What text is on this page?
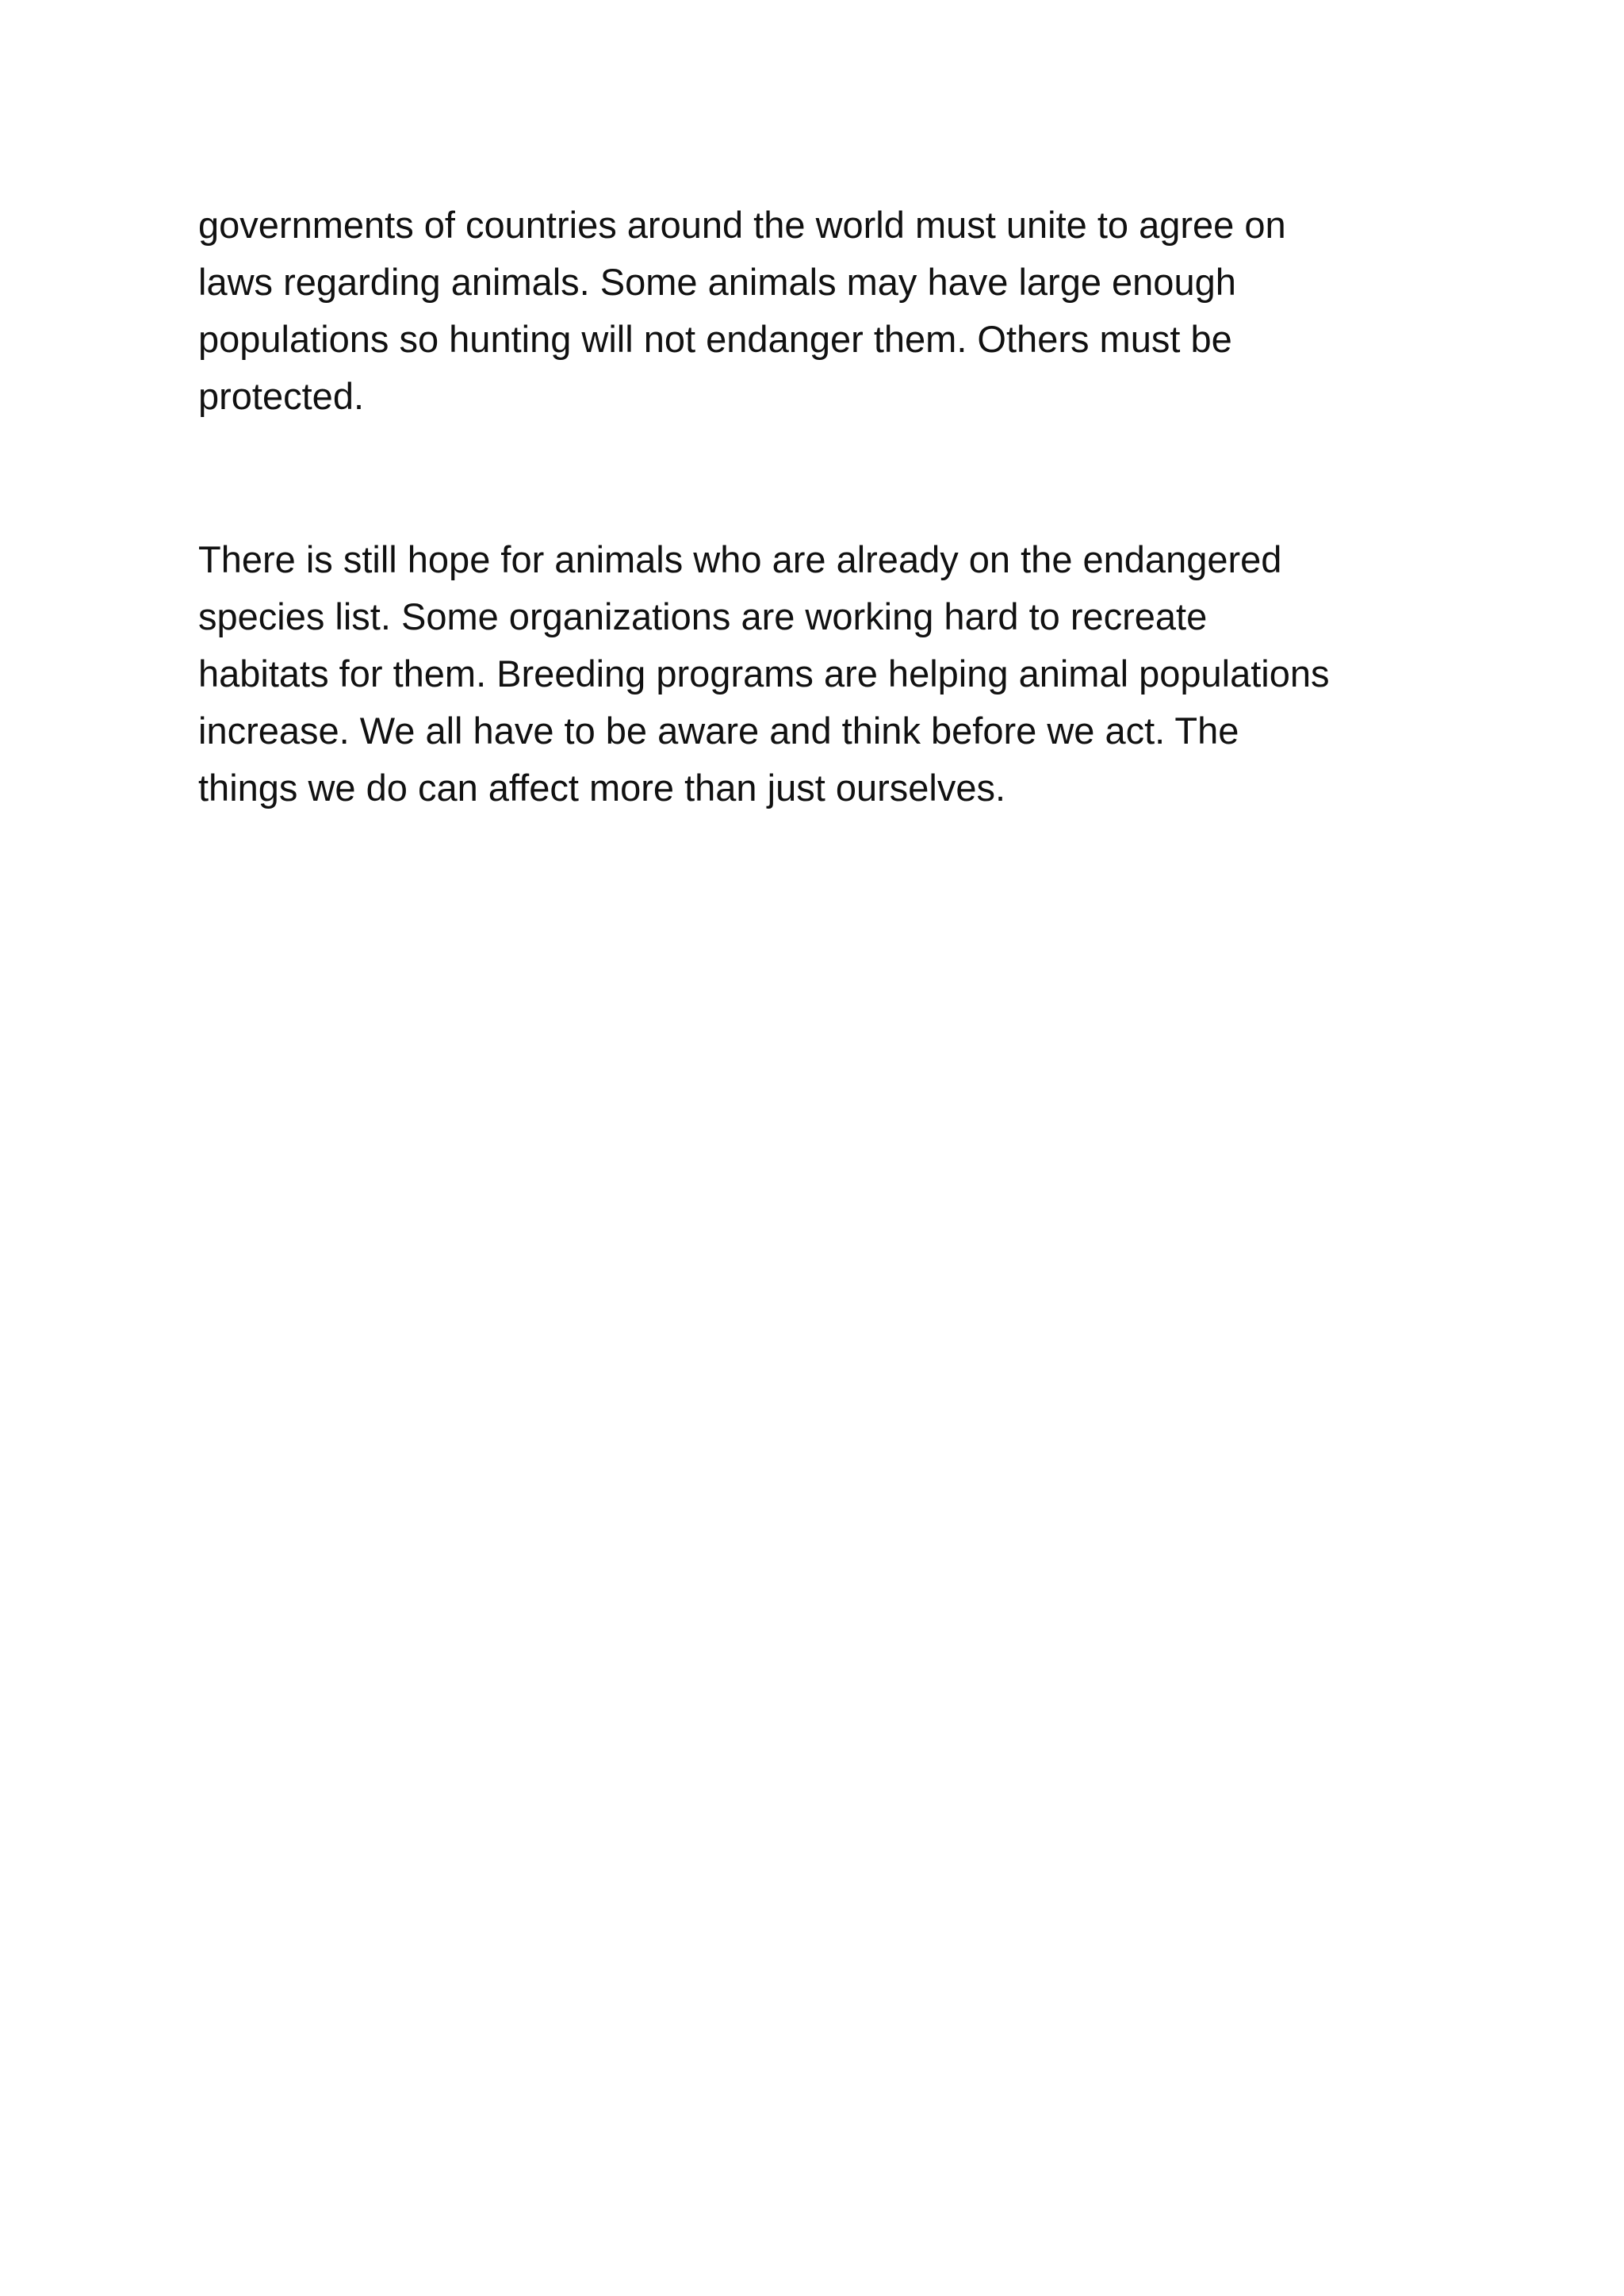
governments of countries around the world must unite to agree on
laws regarding animals. Some animals may have large enough
populations so hunting will not endanger them. Others must be
protected.

There is still hope for animals who are already on the endangered
species list. Some organizations are working hard to recreate
habitats for them. Breeding programs are helping animal populations
increase. We all have to be aware and think before we act. The
things we do can affect more than just ourselves.
